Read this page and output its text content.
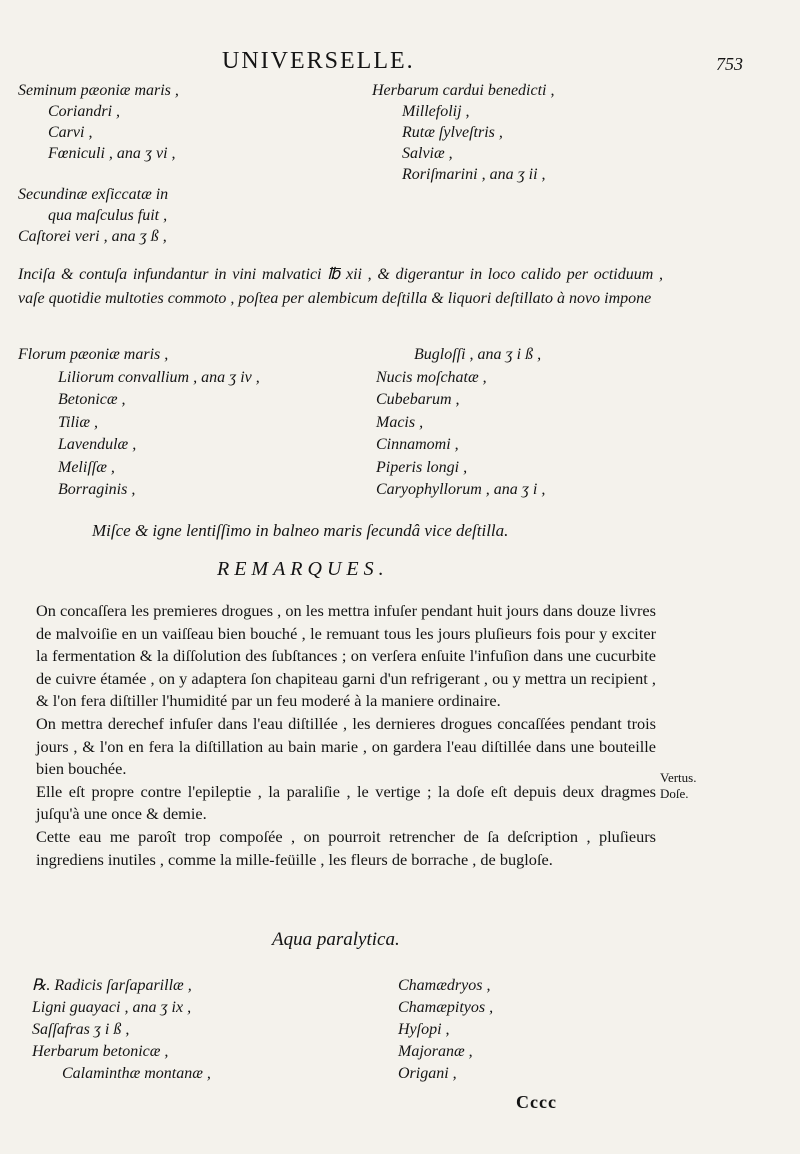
UNIVERSELLE.	753
Seminum pæoniæ maris ,
Coriandri ,
Carvi ,
Fœniculi , ana ʒ vi ,
Herbarum cardui benedicti ,
Millefolij ,
Rutæ ſylveſtris ,
Salviæ ,
Roriſmarini , ana ʒ ii ,
Secundinæ exſiccatæ in
qua maſculus fuit ,
Caſtorei veri , ana ʒ ß ,
Inciſa & contuſa infundantur in vini malvatici ℔ xii , & digerantur in loco calido per octiduum , vaſe quotidie multoties commoto , poſtea per alembicum deſtilla & liquori deſtillato à novo impone
Florum pæoniæ maris ,
Liliorum convallium , ana ʒ iv ,
Betonicæ ,
Tiliæ ,
Lavendulæ ,
Meliſſæ ,
Borraginis ,
Bugloſſi , ana ʒ i ß ,
Nucis moſchatæ ,
Cubebarum ,
Macis ,
Cinnamomi ,
Piperis longi ,
Caryophyllorum , ana ʒ i ,
Miſce & igne lentiſſimo in balneo maris ſecundâ vice deſtilla.
REMARQUES.

On concaſſera les premieres drogues , on les mettra infuſer pendant huit jours dans douze livres de malvoiſie en un vaiſſeau bien bouché , le remuant tous les jours pluſieurs fois pour y exciter la fermentation & la diſſolution des ſubſtances ; on verſera enſuite l'infuſion dans une cucurbite de cuivre étamée , on y adaptera ſon chapiteau garni d'un refrigerant , ou y mettra un recipient , & l'on fera diſtiller l'humidité par un feu moderé à la maniere ordinaire.

On mettra derechef infuſer dans l'eau diſtillée , les dernieres drogues concaſſées pendant trois jours , & l'on en fera la diſtillation au bain marie , on gardera l'eau diſtillée dans une bouteille bien bouchée.

Elle eſt propre contre l'epileptie , la paraliſie , le vertige ; la doſe eſt depuis deux dragmes juſqu'à une once & demie.

Cette eau me paroît trop compoſée , on pourroit retrencher de ſa deſcription , pluſieurs ingrediens inutiles , comme la mille-feüille , les fleurs de borrache , de bugloſe.

Vertus.
Doſe.
Aqua paralytica.
℞. Radicis ſarſaparillæ ,
Ligni guayaci , ana ʒ ix ,
Saſſafras ʒ i ß ,
Herbarum betonicæ ,
Calaminthæ montanæ ,
Chamædryos ,
Chamæpityos ,
Hyſopi ,
Majoranæ ,
Origani ,
Cccc
